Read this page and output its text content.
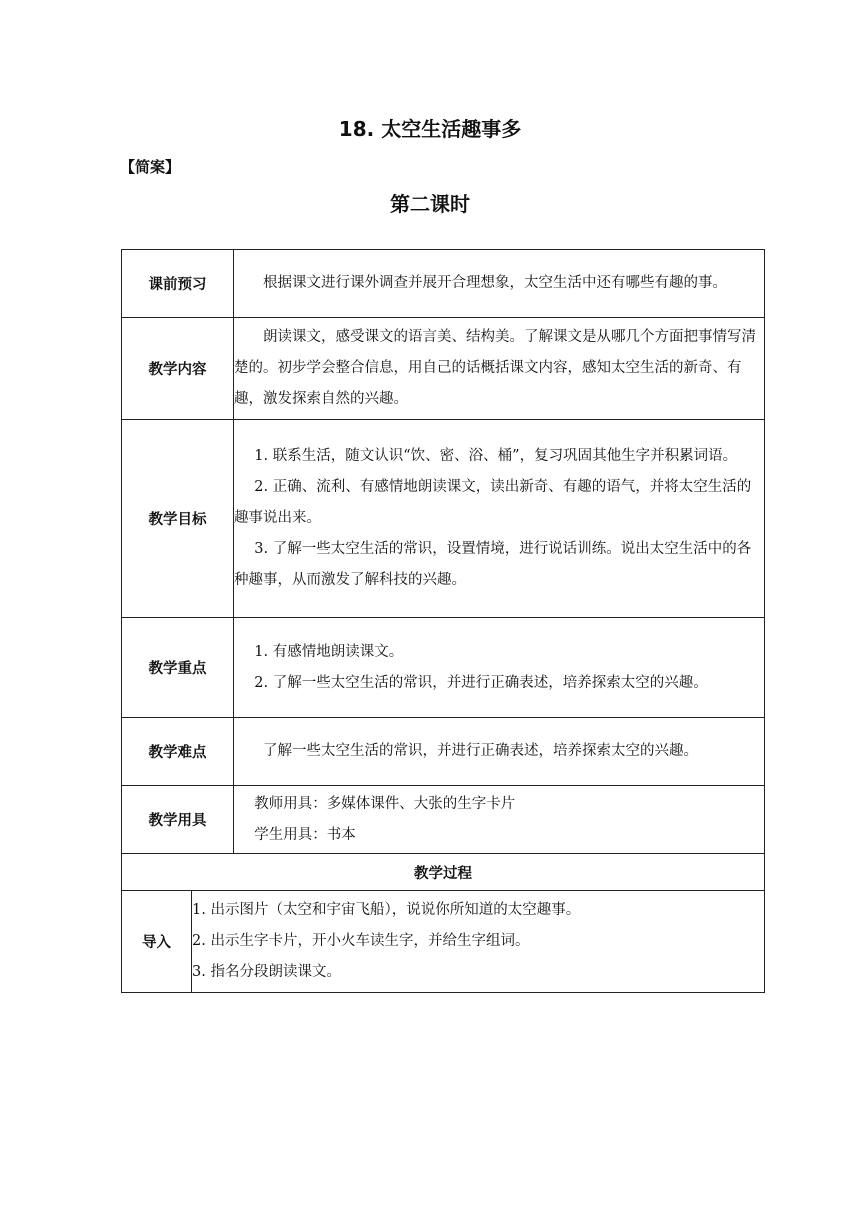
18. 太空生活趣事多
【简案】
第二课时
课前预习		根据课文进行课外调查并展开合理想象，太空生活中还有哪些有趣的事。

教学内容		朗读课文，感受课文的语言美、结构美。了解课文是从哪几个方面把事情写清楚的。初步学会整合信息，用自己的话概括课文内容，感知太空生活的新奇、有趣，激发探索自然的兴趣。

教学目标		1. 联系生活，随文认识“饮、密、浴、桶”，复习巩固其他生字并积累词语。

2. 正确、流利、有感情地朗读课文，读出新奇、有趣的语气，并将太空生活的趣事说出来。

3. 了解一些太空生活的常识，设置情境，进行说话训练。说出太空生活中的各种趣事，从而激发了解科技的兴趣。

教学重点		1. 有感情地朗读课文。

2. 了解一些太空生活的常识，并进行正确表述，培养探索太空的兴趣。

教学难点		了解一些太空生活的常识，并进行正确表述，培养探索太空的兴趣。

教学用具		教师用具：多媒体课件、大张的生字卡片

学生用具：书本

教学过程		
导入	1. 出示图片（太空和宇宙飞船），说说你所知道的太空趣事。

2. 出示生字卡片，开小火车读生字，并给生字组词。

3. 指名分段朗读课文。	
